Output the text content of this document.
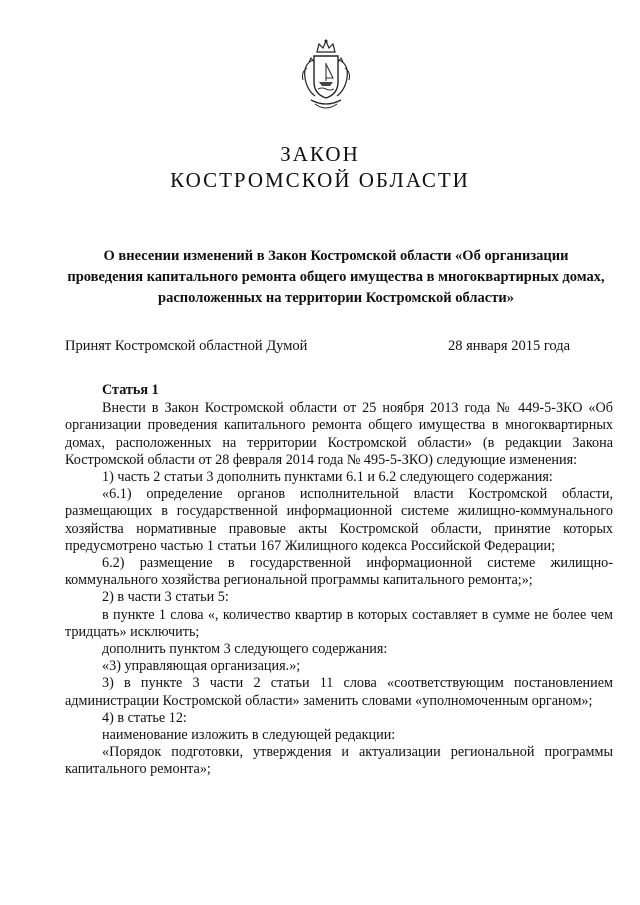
ЗАКОН
КОСТРОМСКОЙ ОБЛАСТИ
О внесении изменений в Закон Костромской области «Об организации проведения капитального ремонта общего имущества в многоквартирных домах, расположенных на территории Костромской области»
Принят Костромской областной Думой	28 января 2015 года

Статья 1

Внести в Закон Костромской области от 25 ноября 2013 года № 449-5-ЗКО «Об организации проведения капитального ремонта общего имущества в многоквартирных домах, расположенных на территории Костромской области» (в редакции Закона Костромской области от 28 февраля 2014 года № 495-5-ЗКО) следующие изменения:

1) часть 2 статьи 3 дополнить пунктами 6.1 и 6.2 следующего содержания:

«6.1) определение органов исполнительной власти Костромской области, размещающих в государственной информационной системе жилищно-коммунального хозяйства нормативные правовые акты Костромской области, принятие которых предусмотрено частью 1 статьи 167 Жилищного кодекса Российской Федерации;

6.2) размещение в государственной информационной системе жилищно-коммунального хозяйства региональной программы капитального ремонта;»;

2) в части 3 статьи 5:

в пункте 1 слова «, количество квартир в которых составляет в сумме не более чем тридцать» исключить;

дополнить пунктом 3 следующего содержания:

«3) управляющая организация.»;

3) в пункте 3 части 2 статьи 11 слова «соответствующим постановлением администрации Костромской области» заменить словами «уполномоченным органом»;

4) в статье 12:

наименование изложить в следующей редакции:

«Порядок подготовки, утверждения и актуализации региональной программы капитального ремонта»;
